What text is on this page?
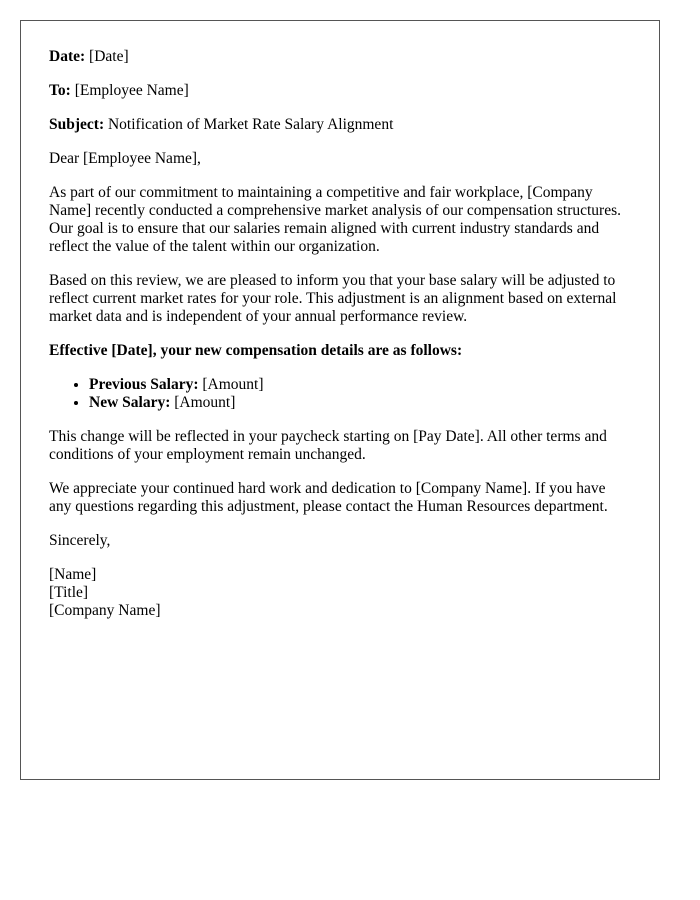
Date: [Date]

To: [Employee Name]

Subject: Notification of Market Rate Salary Alignment

Dear [Employee Name],

As part of our commitment to maintaining a competitive and fair workplace, [Company Name] recently conducted a comprehensive market analysis of our compensation structures. Our goal is to ensure that our salaries remain aligned with current industry standards and reflect the value of the talent within our organization.

Based on this review, we are pleased to inform you that your base salary will be adjusted to reflect current market rates for your role. This adjustment is an alignment based on external market data and is independent of your annual performance review.

Effective [Date], your new compensation details are as follows:

• Previous Salary: [Amount]
• New Salary: [Amount]

This change will be reflected in your paycheck starting on [Pay Date]. All other terms and conditions of your employment remain unchanged.

We appreciate your continued hard work and dedication to [Company Name]. If you have any questions regarding this adjustment, please contact the Human Resources department.

Sincerely,

[Name]
[Title]
[Company Name]
